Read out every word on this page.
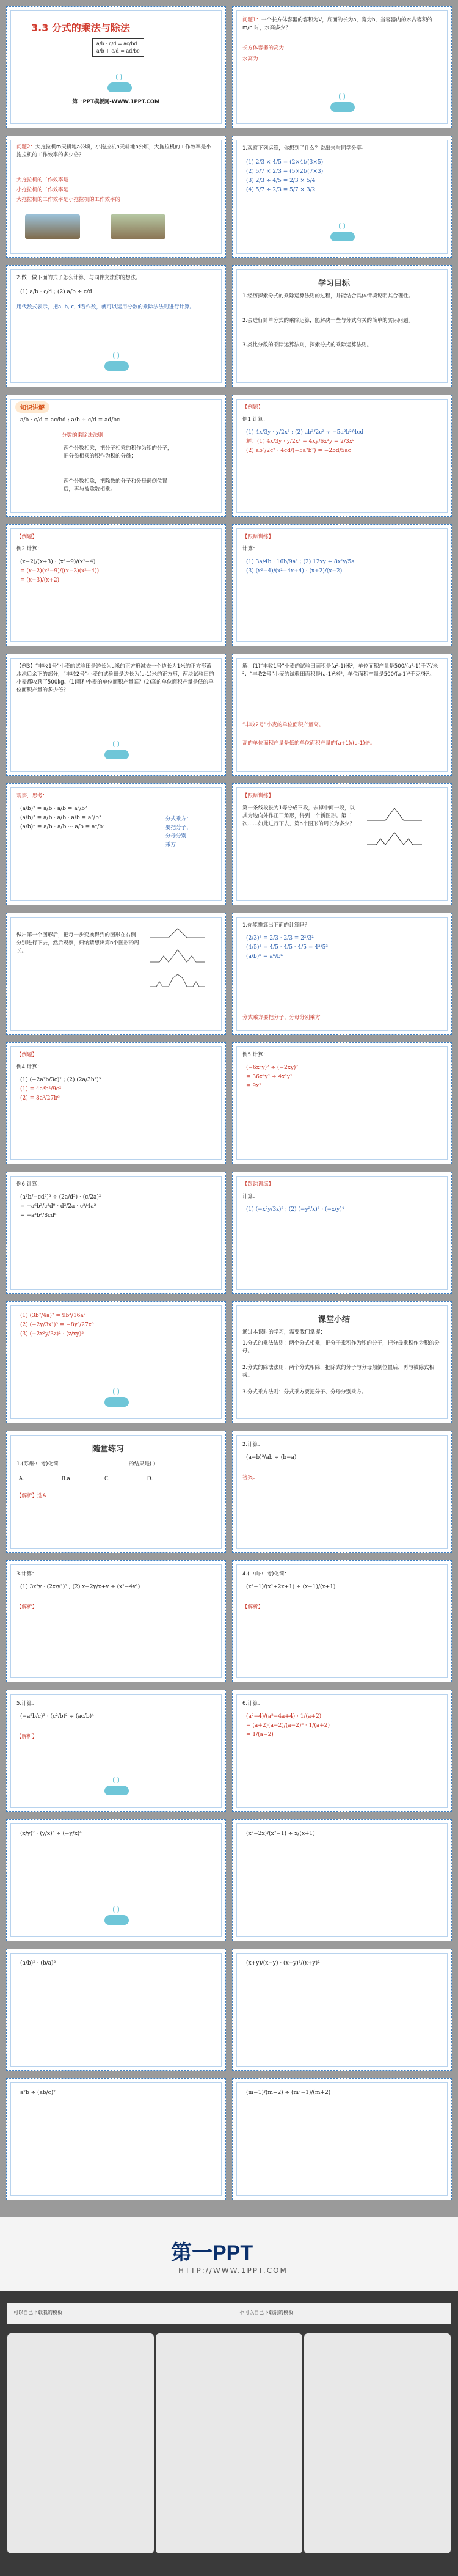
3.3 分式的乘法与除法
a/b · c/d = ac/bd
a/b ÷ c/d = ad/bc
第一PPT模板网-WWW.1PPT.COM
问题1：一个长方体容器的容积为V，底面的长为a，宽为b，当容器内的水占容积的 m/n 时，水高多少？
长方体容器的高为
水高为
问题2：大拖拉机m天耕地a公顷，小拖拉机n天耕地b公顷，大拖拉机的工作效率是小拖拉机的工作效率的多少倍？
大拖拉机的工作效率是
小拖拉机的工作效率是
大拖拉机的工作效率是小拖拉机的工作效率的
1.观察下列运算，你想到了什么？说出来与同学分享。
(1) 2/3 × 4/5 = (2×4)/(3×5)
(2) 5/7 × 2/3 = (5×2)/(7×3)
(3) 2/3 ÷ 4/5 = 2/3 × 5/4
(4) 5/7 ÷ 2/3 = 5/7 × 3/2
2.做一做下面的式子怎么计算，与同伴交流你的想法。
(1) a/b · c/d ; (2) a/b ÷ c/d
用代数式表示，把a, b, c, d看作数，就可以运用分数的乘除法法则进行计算。
学习目标
1.经历探索分式的乘除运算法则的过程，并能结合具体情境说明其合理性。
2.会进行简单分式的乘除运算，能解决一些与分式有关的简单的实际问题。
3.类比分数的乘除运算法则，探索分式的乘除运算法则。
知识讲解
a/b · c/d = ac/bd ; a/b ÷ c/d = ad/bc
分数的乘除法法则
两个分数相乘，把分子相乘的积作为积的分子，把分母相乘的积作为积的分母；
两个分数相除，把除数的分子和分母颠倒位置后，再与被除数相乘。
【例题】
例1 计算：
(1) 4x/3y · y/2x³ ; (2) ab³/2c² ÷ −5a²b²/4cd
解：(1) 4x/3y · y/2x³ = 4xy/6x³y = 2/3x²
(2) ab³/2c² · 4cd/(−5a²b²) = −2bd/5ac
【例题】
例2 计算：
(x−2)/(x+3) · (x²−9)/(x²−4)
= (x−2)(x²−9)/((x+3)(x²−4))
= (x−3)/(x+2)
【跟踪训练】
计算：
(1) 3a/4b · 16b/9a² ; (2) 12xy ÷ 8x²y/5a
(3) (x²−4)/(x²+4x+4) · (x+2)/(x−2)
【例3】“丰收1号”小麦的试验田是边长为a米的正方形减去一个边长为1米的正方形蓄水池后余下的部分，“丰收2号”小麦的试验田是边长为(a-1)米的正方形，两块试验田的小麦都收获了500kg。(1)哪种小麦的单位面积产量高？(2)高的单位面积产量是低的单位面积产量的多少倍？
解：(1)“丰收1号”小麦的试验田面积是(a²-1)米²，单位面积产量是500/(a²-1)千克/米²；“丰收2号”小麦的试验田面积是(a-1)²米²，单位面积产量是500/(a-1)²千克/米²。
“丰收2号”小麦的单位面积产量高。
高的单位面积产量是低的单位面积产量的(a+1)/(a-1)倍。
观察，思考：
(a/b)² = a/b · a/b = a²/b²
(a/b)³ = a/b · a/b · a/b = a³/b³
(a/b)ⁿ = a/b · a/b ··· a/b = aⁿ/bⁿ
分式乘方：
要把分子、
分母分别
乘方
【跟踪训练】
第一条线段长为1等分成三段，去掉中间一段，以其为边向外作正三角形，得到一个新图形。第二次……如此进行下去，第n个图形的周长为多少？
做出第一个图形后，把每一步变换得到的图形在右侧分别进行下去，然后观察，归纳猜想出第n个图形的周长。
1.你能推算出下面的计算吗？
(2/3)² = 2/3 · 2/3 = 2²/3²
(4/5)³ = 4/5 · 4/5 · 4/5 = 4³/5³
(a/b)ⁿ = aⁿ/bⁿ
分式乘方要把分子、分母分别乘方
【例题】
例4 计算：
(1) (−2a²b/3c)² ; (2) (2a/3b²)³
(1) = 4a⁴b²/9c²
(2) = 8a³/27b⁶
例5 计算：
(−6x²y)² ÷ (−2xy)²
= 36x⁴y² ÷ 4x²y²
= 9x²
例6 计算：
(a²b/−cd³)³ ÷ (2a/d³) · (c/2a)²
= −a⁶b³/c³d⁹ · d³/2a · c²/4a²
= −a³b³/8cd⁶
【跟踪训练】
计算：
(1) (−x²y/3z)² ; (2) (−y²/x)³ · (−x/y)⁴
(1) (3b²/4a)² = 9b⁴/16a²
(2) (−2y/3x²)³ = −8y³/27x⁶
(3) (−2x²y/3z)² · (z/xy)³
课堂小结
通过本课时的学习，需要我们掌握：
1.分式的乘法法则：两个分式相乘，把分子乘积作为积的分子，把分母乘积作为积的分母。
2.分式的除法法则：两个分式相除，把除式的分子与分母颠倒位置后，再与被除式相乘。
3.分式乘方法则：分式乘方要把分子、分母分别乘方。
随堂练习
1.(苏州·中考)化简	的结果是( )
A.	B.a	C.	D.
【解析】选A
2.计算：
(a−b)²/ab ÷ (b−a)
答案：
3.计算：
(1) 3x²y · (2x/y²)³ ; (2) x−2y/x+y ÷ (x²−4y²)
【解析】
4.(中山·中考)化简：
(x²−1)/(x²+2x+1) ÷ (x−1)/(x+1)
【解析】
5.计算：
(−a²b/c)³ · (c²/b)² ÷ (ac/b)⁴
【解析】
6.计算：
(a²−4)/(a²−4a+4) · 1/(a+2)
= (a+2)(a−2)/(a−2)² · 1/(a+2)
= 1/(a−2)
(x/y)² · (y/x)³ ÷ (−y/x)⁴	(x²−2x)/(x²−1) ÷ x/(x+1)
(a/b)² · (b/a)³	(x+y)/(x−y) · (x−y)²/(x+y)²
a²b ÷ (ab/c)²	(m−1)/(m+2) ÷ (m²−1)/(m+2)
第一PPT
HTTP://WWW.1PPT.COM
可以自己下载我的模板	不可以自己下载别的模板
